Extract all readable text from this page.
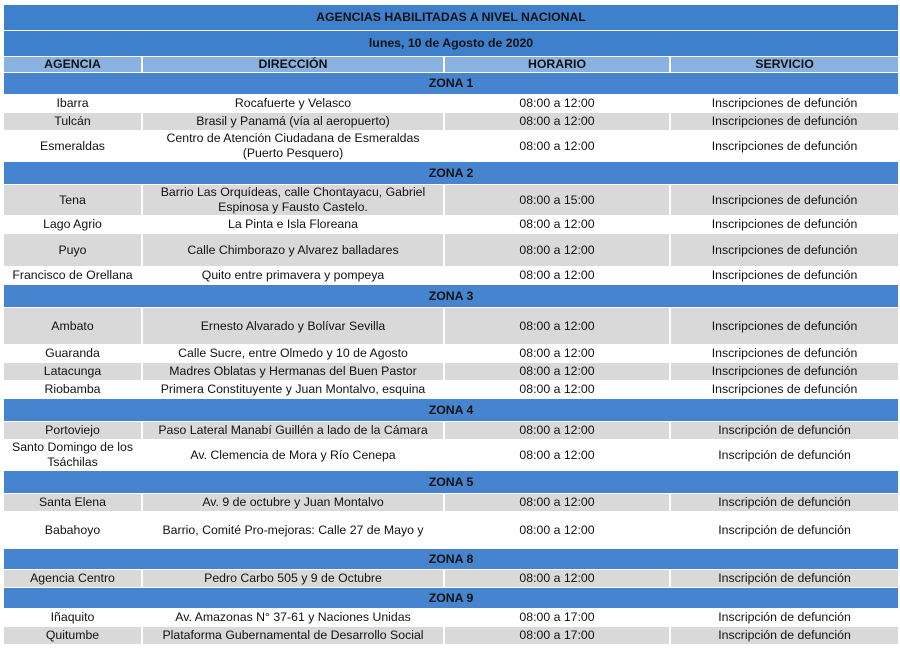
AGENCIAS HABILITADAS A NIVEL NACIONAL			
lunes, 10 de Agosto de 2020			
AGENCIA	DIRECCIÓN	HORARIO	SERVICIO
ZONA 1			
Ibarra	Rocafuerte y Velasco	08:00 a 12:00	Inscripciones de defunción
Tulcán	Brasil y Panamá (vía al aeropuerto)	08:00 a 12:00	Inscripciones de defunción
Esmeraldas	Centro de Atención Ciudadana de Esmeraldas (Puerto Pesquero)	08:00 a 12:00	Inscripciones de defunción
ZONA 2			
Tena	Barrio Las Orquídeas, calle Chontayacu, Gabriel Espinosa y Fausto Castelo.	08:00 a 15:00	Inscripciones de defunción
Lago Agrio	La Pinta e Isla Floreana	08:00 a 12:00	Inscripciones de defunción
Puyo	Calle Chimborazo y Alvarez balladares	08:00 a 12:00	Inscripciones de defunción
Francisco de Orellana	Quito entre primavera y pompeya	08:00 a 12:00	Inscripciones de defunción
ZONA 3			
Ambato	Ernesto Alvarado y Bolívar Sevilla	08:00 a 12:00	Inscripciones de defunción
Guaranda	Calle Sucre, entre Olmedo y 10 de Agosto	08:00 a 12:00	Inscripciones de defunción
Latacunga	Madres Oblatas y Hermanas del Buen Pastor	08:00 a 12:00	Inscripciones de defunción
Riobamba	Primera Constituyente y Juan Montalvo, esquina	08:00 a 12:00	Inscripciones de defunción
ZONA 4			
Portoviejo	Paso Lateral Manabí Guillén a lado de la Cámara	08:00 a 12:00	Inscripción de defunción
Santo Domingo de los Tsáchilas	Av. Clemencia de Mora y Río Cenepa	08:00 a 12:00	Inscripción de defunción
ZONA 5			
Santa Elena	Av. 9 de octubre y Juan Montalvo	08:00 a 12:00	Inscripción de defunción
Babahoyo	Barrio, Comité Pro-mejoras: Calle 27 de Mayo y	08:00 a 12:00	Inscripción de defunción
ZONA 8			
Agencia Centro	Pedro Carbo 505 y 9 de Octubre	08:00 a 12:00	Inscripción de defunción
ZONA 9			
Iñaquito	Av. Amazonas N° 37-61 y Naciones Unidas	08:00 a 17:00	Inscripción de defunción
Quitumbe	Plataforma Gubernamental de Desarrollo Social	08:00 a 17:00	Inscripción de defunción
